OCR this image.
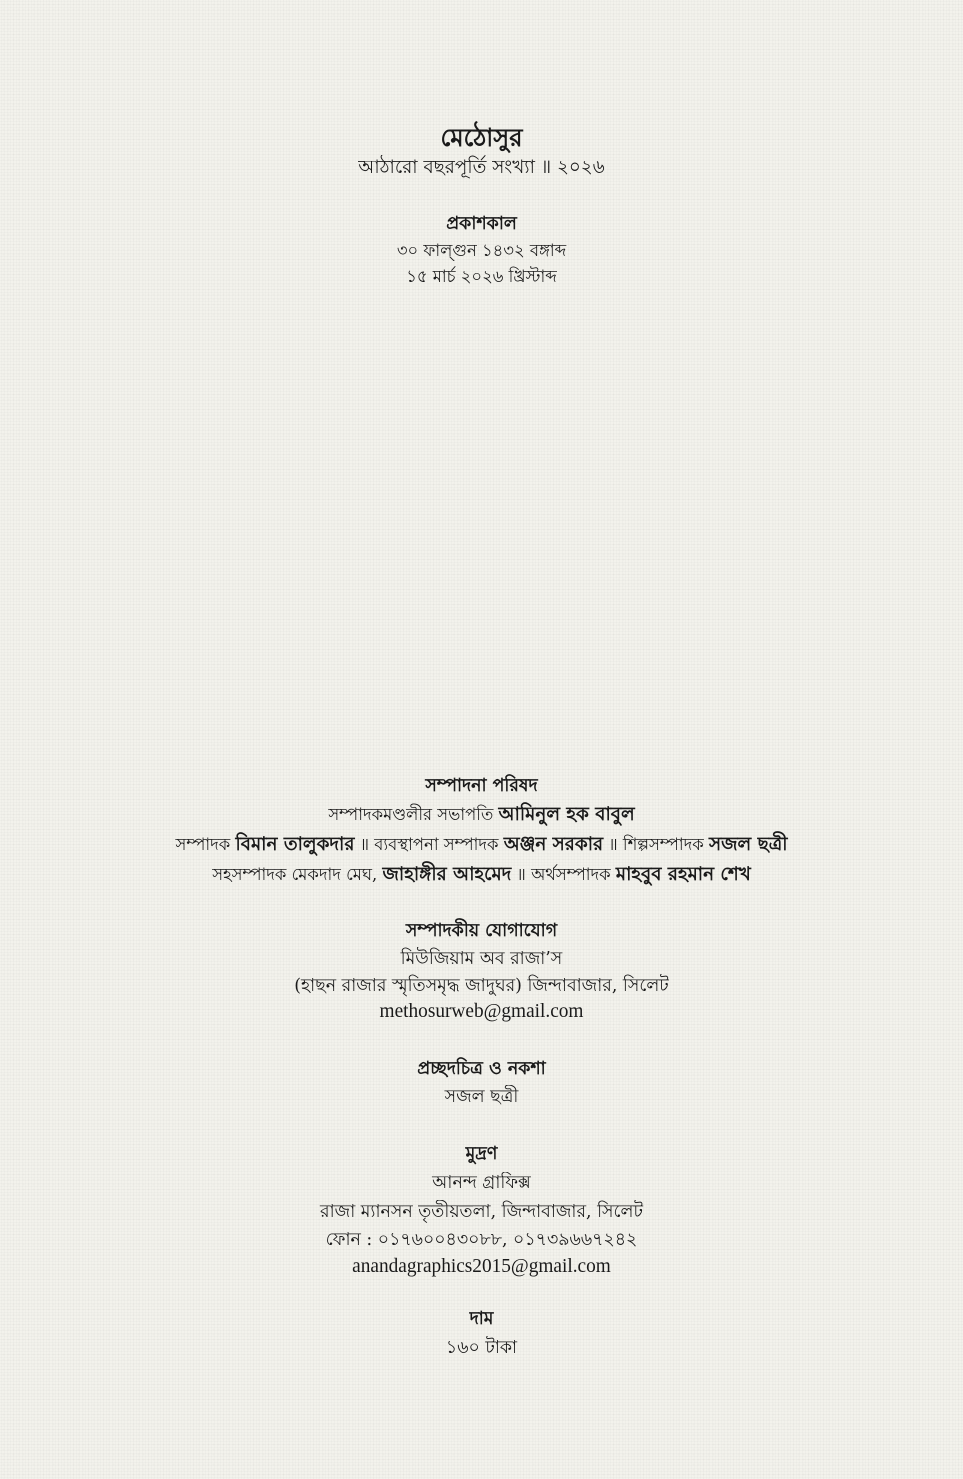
মেঠোসুর
আঠারো বছরপূর্তি সংখ্যা ॥ ২০২৬
প্রকাশকাল
৩০ ফাল্গুন ১৪৩২ বঙ্গাব্দ
১৫ মার্চ ২০২৬ খ্রিস্টাব্দ
সম্পাদনা পরিষদ
সম্পাদকমণ্ডলীর সভাপতি আমিনুল হক বাবুল
সম্পাদক বিমান তালুকদার ॥ ব্যবস্থাপনা সম্পাদক অঞ্জন সরকার ॥ শিল্পসম্পাদক সজল ছত্রী
সহসম্পাদক মেকদাদ মেঘ, জাহাঙ্গীর আহমেদ ॥ অর্থসম্পাদক মাহবুব রহমান শেখ
সম্পাদকীয় যোগাযোগ
মিউজিয়াম অব রাজা’স
(হাছন রাজার স্মৃতিসমৃদ্ধ জাদুঘর) জিন্দাবাজার, সিলেট
methosurweb@gmail.com
প্রচ্ছদচিত্র ও নকশা
সজল ছত্রী
মুদ্রণ
আনন্দ গ্রাফিক্স
রাজা ম্যানসন তৃতীয়তলা, জিন্দাবাজার, সিলেট
ফোন : ০১৭৬০০৪৩০৮৮, ০১৭৩৯৬৬৭২৪২
anandagraphics2015@gmail.com
দাম
১৬০ টাকা
